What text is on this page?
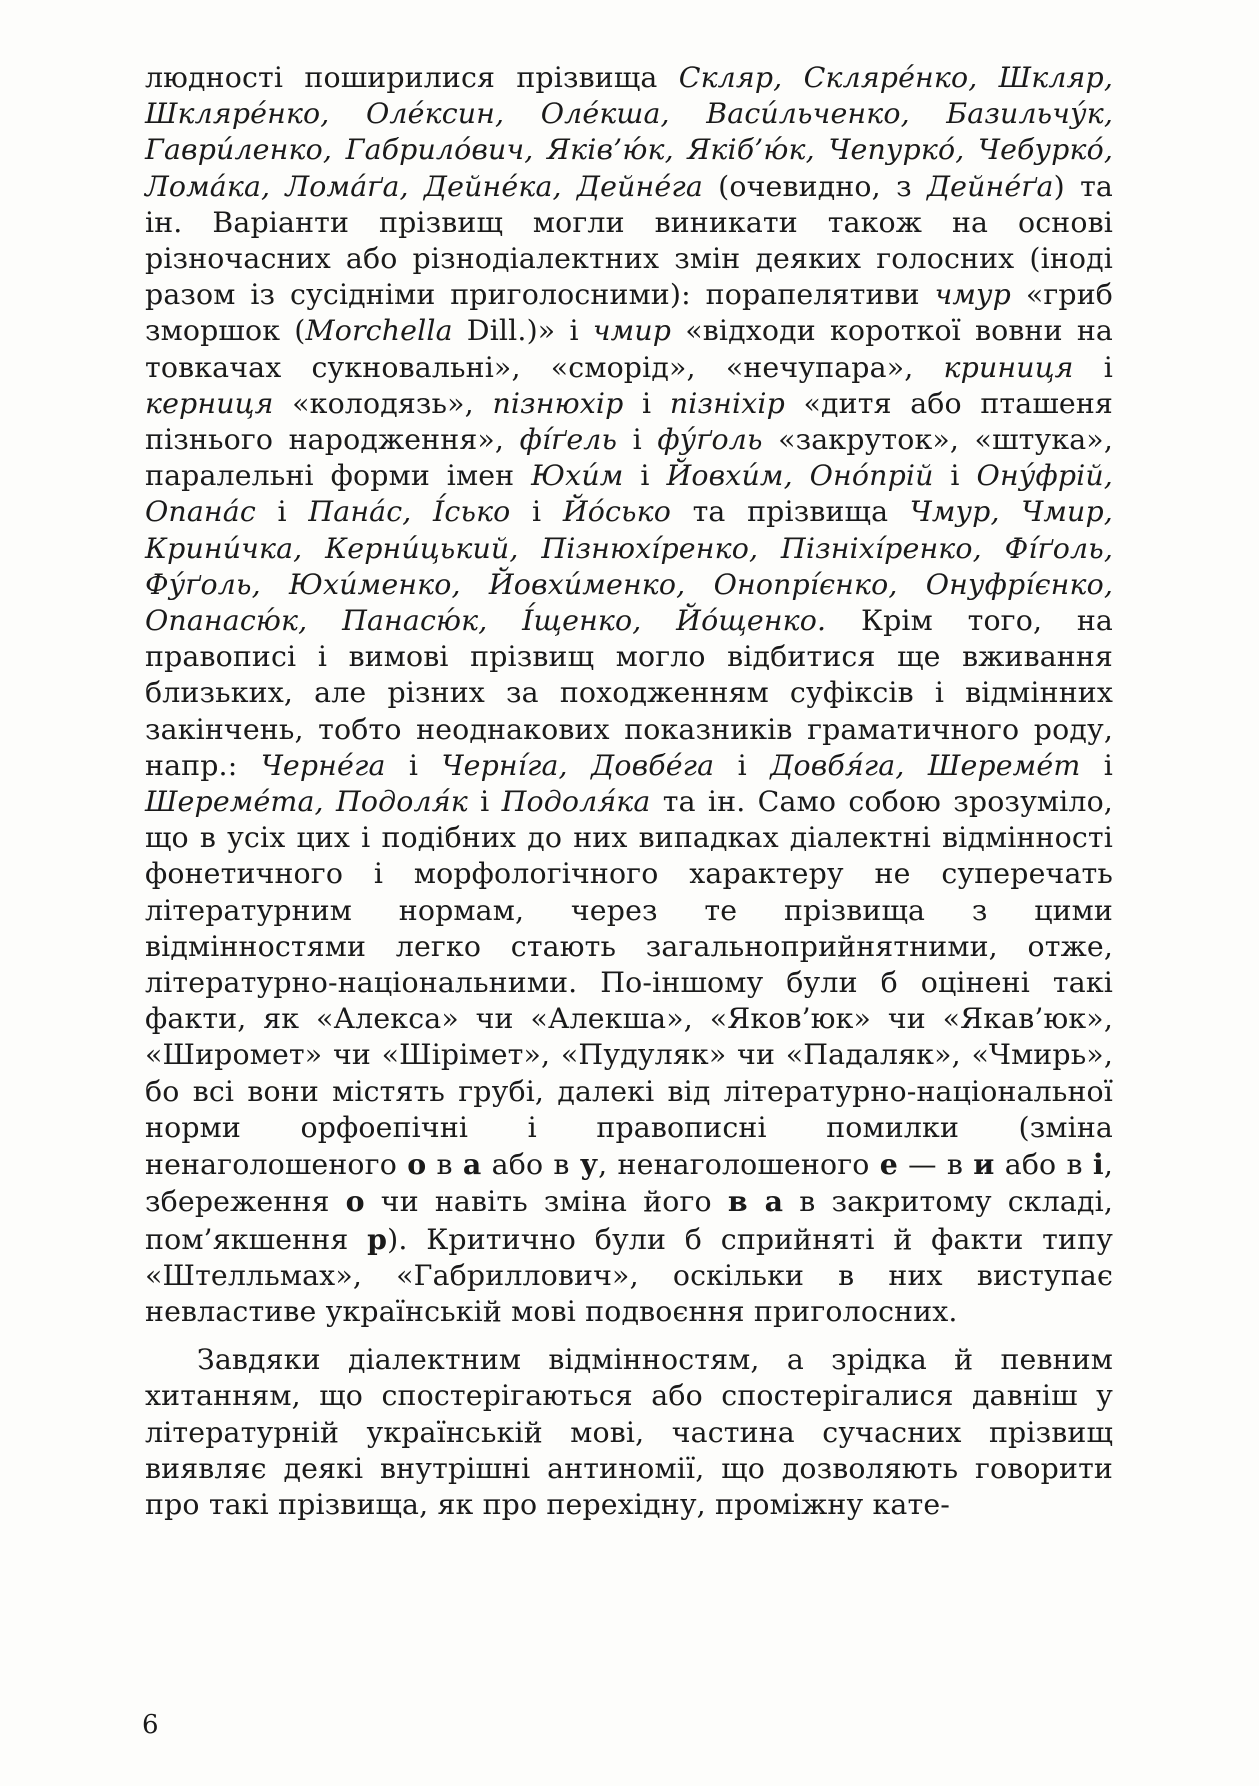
людності поширилися прізвища Скляр, Скляре́нко, Шкляр, Шкляре́нко, Оле́ксин, Оле́кша, Васи́льченко, Базильчу́к, Гаври́ленко, Габрило́вич, Яків’ю́к, Якіб’ю́к, Чепуркó, Чебуркó, Ломáка, Ломáґа, Дейнéка, Дейнéга (очевидно, з Дейнéґа) та ін. Варіанти прізвищ могли виникати також на основі різночасних або різнодіалектних змін деяких голосних (іноді разом із сусідніми приголосними): порапелятиви чмур «гриб зморшок (Morchella Dill.)» і чмир «відходи короткої вовни на товкачах сукновальні», «сморід», «нечупара», криниця і керниця «колодязь», пізнюхір і пізніхір «дитя або пташеня пізнього народження», фíґель і фу́ґоль «закруток», «штука», паралельні форми імен Юхи́м і Йовхи́м, Онóпрій і Ону́фрій, Опанáс і Панáс, І́сько і Йóсько та прізвища Чмур, Чмир, Кринúчка, Керни́цький, Пізнюхíренко, Пізніхíренко, Фíґоль, Фу́ґоль, Юхи́менко, Йовхи́менко, Онопрíєнко, Онуфрíєнко, Опанасю́к, Панасю́к, І́щенко, Йóщенко. Крім того, на правописі і вимові прізвищ могло відбитися ще вживання близьких, але різних за походженням суфіксів і відмінних закінчень, тобто неоднакових показників граматичного роду, напр.: Чернéга і Чернíга, Довбéга і Довбя́га, Шеремéт і Шеремéта, Подоля́к і Подоля́ка та ін. Само собою зрозуміло, що в усіх цих і подібних до них випадках діалектні відмінності фонетичного і морфологічного характеру не суперечать літературним нормам, через те прізвища з цими відмінностями легко стають загальноприйнятними, отже, літературно-національними. По-іншому були б оцінені такі факти, як «Алекса» чи «Алекша», «Яков’юк» чи «Якав’юк», «Широмет» чи «Шірімет», «Пудуляк» чи «Падаляк», «Чмирь», бо всі вони містять грубі, далекі від літературно-національної норми орфоепічні і правописні помилки (зміна ненаголошеного о в а або в у, ненаголошеного е — в и або в і, збереження о чи навіть зміна його в а в закритому складі, пом’якшення р). Критично були б сприйняті й факти типу «Штелльмах», «Габриллович», оскільки в них виступає невластиве українській мові подвоєння приголосних.

Завдяки діалектним відмінностям, а зрідка й певним хитанням, що спостерігаються або спостерігалися давніш у літературній українській мові, частина сучасних прізвищ виявляє деякі внутрішні антиномії, що дозволяють говорити про такі прізвища, як про перехідну, проміжну кате-

6
